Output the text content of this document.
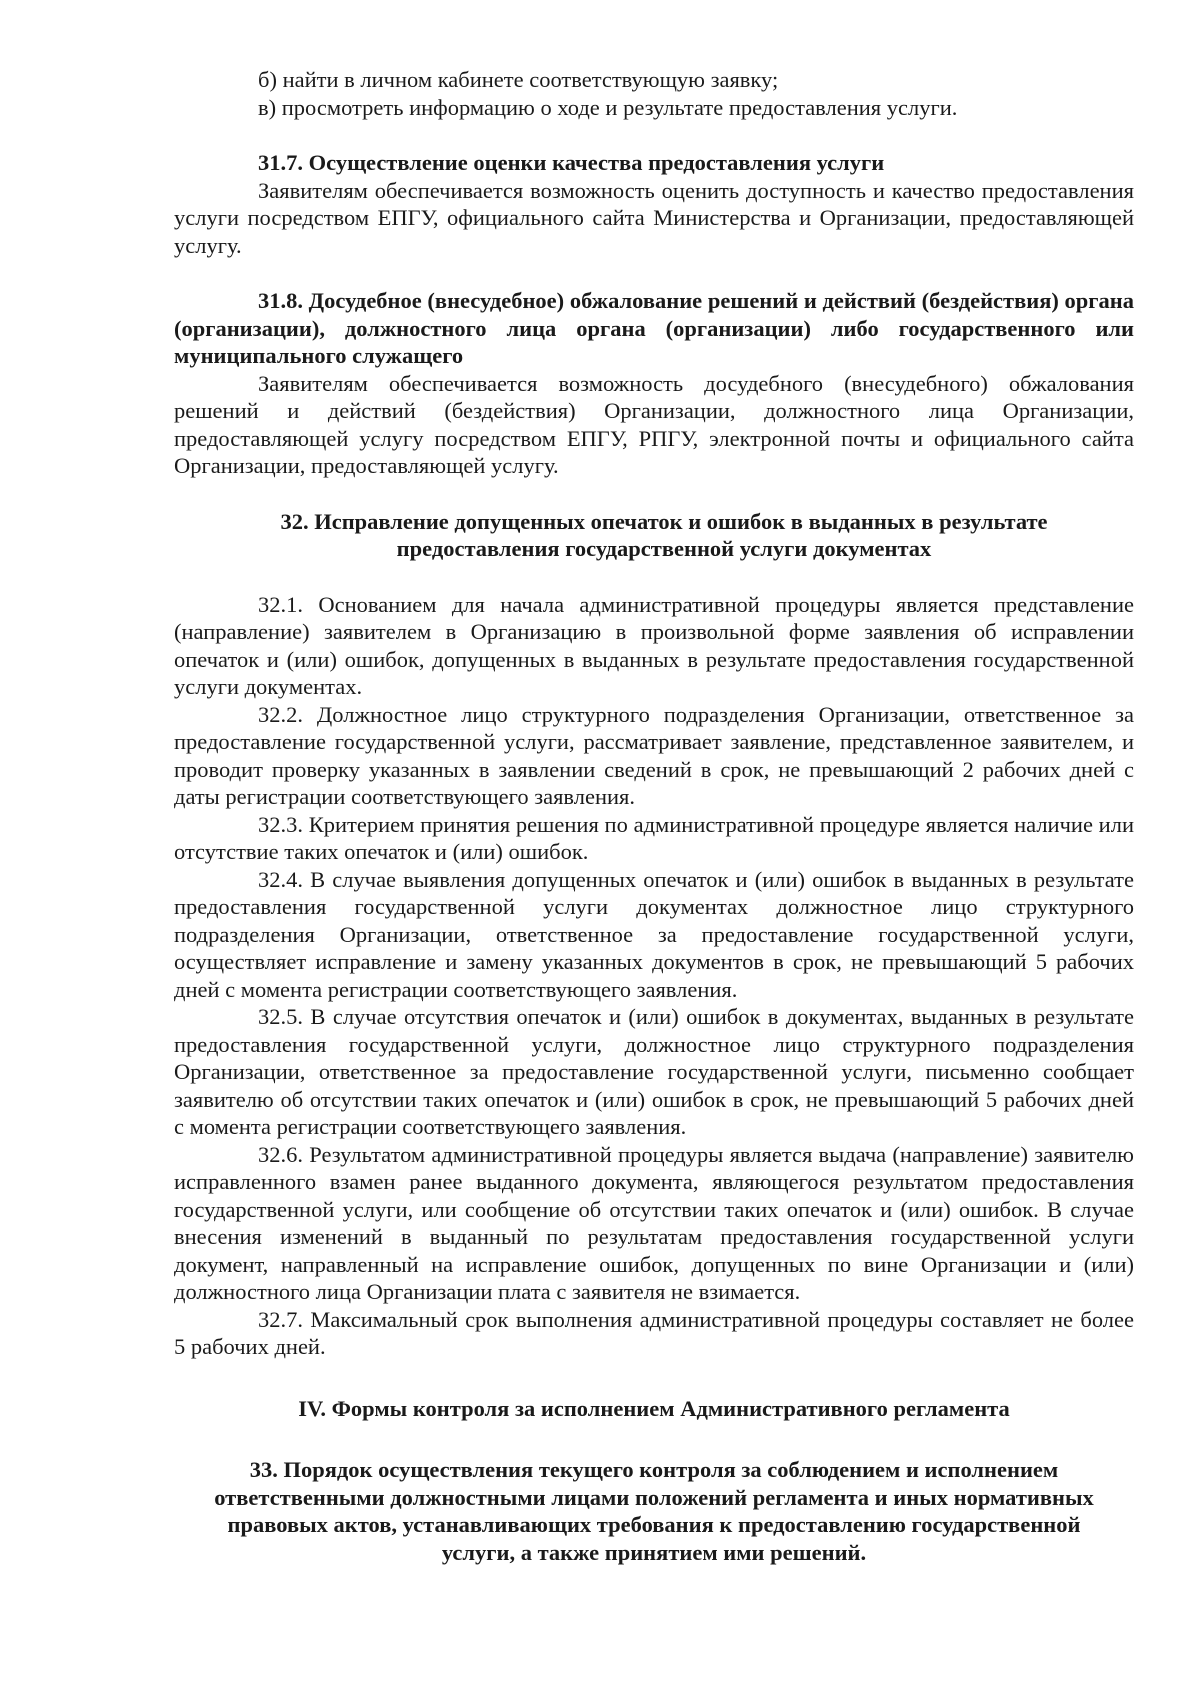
б) найти в личном кабинете соответствующую заявку;

в) просмотреть информацию о ходе и результате предоставления услуги.

31.7. Осуществление оценки качества предоставления услуги

Заявителям обеспечивается возможность оценить доступность и качество предоставления услуги посредством ЕПГУ, официального сайта Министерства и Организации, предоставляющей услугу.

31.8. Досудебное (внесудебное) обжалование решений и действий (бездействия) органа (организации), должностного лица органа (организации) либо государственного или муниципального служащего

Заявителям обеспечивается возможность досудебного (внесудебного) обжалования решений и действий (бездействия) Организации, должностного лица Организации, предоставляющей услугу посредством ЕПГУ, РПГУ, электронной почты и официального сайта Организации, предоставляющей услугу.

32. Исправление допущенных опечаток и ошибок в выданных в результате предоставления государственной услуги документах

32.1. Основанием для начала административной процедуры является представление (направление) заявителем в Организацию в произвольной форме заявления об исправлении опечаток и (или) ошибок, допущенных в выданных в результате предоставления государственной услуги документах.

32.2. Должностное лицо структурного подразделения Организации, ответственное за предоставление государственной услуги, рассматривает заявление, представленное заявителем, и проводит проверку указанных в заявлении сведений в срок, не превышающий 2 рабочих дней с даты регистрации соответствующего заявления.

32.3. Критерием принятия решения по административной процедуре является наличие или отсутствие таких опечаток и (или) ошибок.

32.4. В случае выявления допущенных опечаток и (или) ошибок в выданных в результате предоставления государственной услуги документах должностное лицо структурного подразделения Организации, ответственное за предоставление государственной услуги, осуществляет исправление и замену указанных документов в срок, не превышающий 5 рабочих дней с момента регистрации соответствующего заявления.

32.5. В случае отсутствия опечаток и (или) ошибок в документах, выданных в результате предоставления государственной услуги, должностное лицо структурного подразделения Организации, ответственное за предоставление государственной услуги, письменно сообщает заявителю об отсутствии таких опечаток и (или) ошибок в срок, не превышающий 5 рабочих дней с момента регистрации соответствующего заявления.

32.6. Результатом административной процедуры является выдача (направление) заявителю исправленного взамен ранее выданного документа, являющегося результатом предоставления государственной услуги, или сообщение об отсутствии таких опечаток и (или) ошибок. В случае внесения изменений в выданный по результатам предоставления государственной услуги документ, направленный на исправление ошибок, допущенных по вине Организации и (или) должностного лица Организации плата с заявителя не взимается.

32.7. Максимальный срок выполнения административной процедуры составляет не более 5 рабочих дней.

IV. Формы контроля за исполнением Административного регламента

33. Порядок осуществления текущего контроля за соблюдением и исполнением ответственными должностными лицами положений регламента и иных нормативных правовых актов, устанавливающих требования к предоставлению государственной услуги, а также принятием ими решений.
